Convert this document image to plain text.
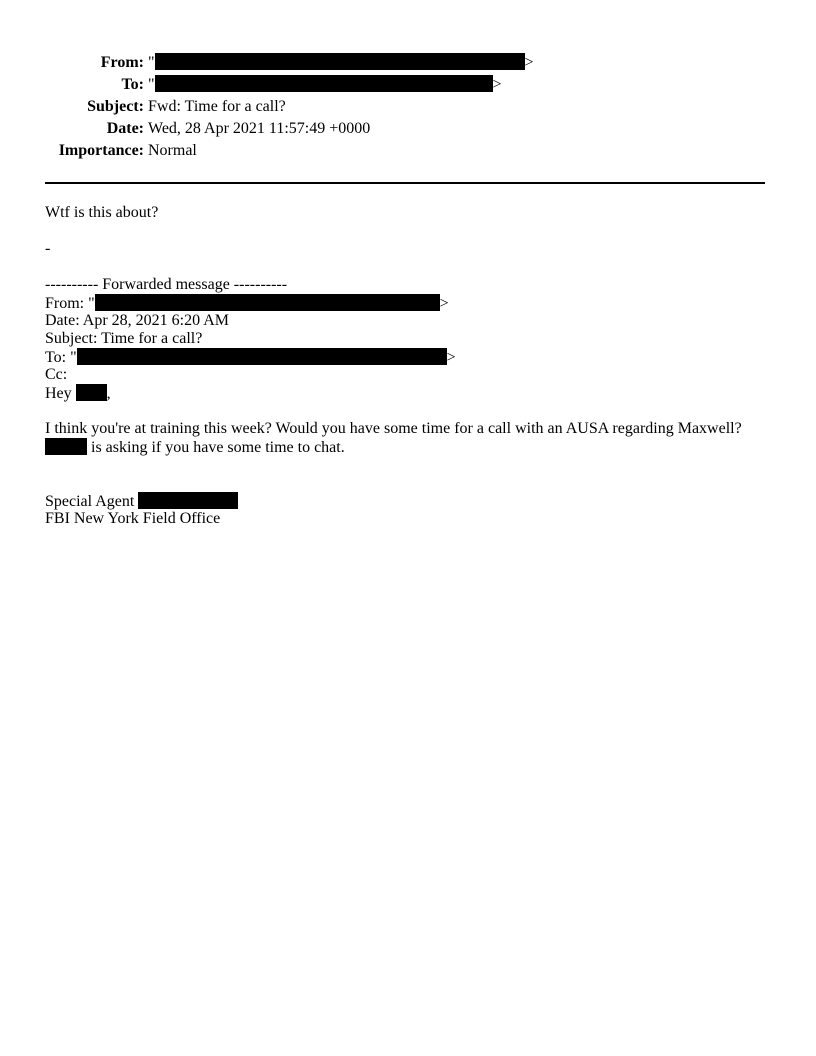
From: "	>
To: "	>
Subject: Fwd: Time for a call?
Date: Wed, 28 Apr 2021 11:57:49 +0000
Importance: Normal
Wtf is this about?
-
---------- Forwarded message ----------
From: "	>
Date: Apr 28, 2021 6:20 AM
Subject: Time for a call?
To: "	>
Cc:
Hey ,
I think you're at training this week? Would you have some time for a call with an AUSA regarding Maxwell?
is asking if you have some time to chat.
Special Agent
FBI New York Field Office
